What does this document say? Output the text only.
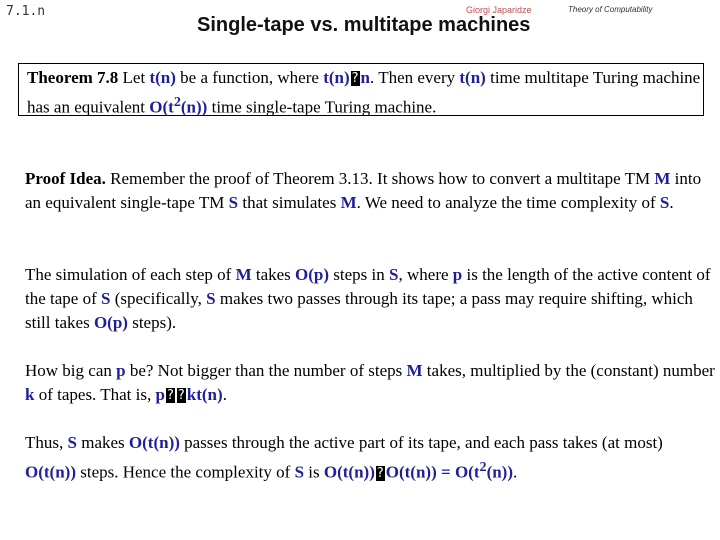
7.1.n	Giorgi Japaridze	Theory of Computability
Single-tape vs. multitape machines
Theorem 7.8 Let t(n) be a function, where t(n) ? n. Then every t(n) time multitape Turing machine has an equivalent $O(t^2(n))$ time single-tape Turing machine.
Proof Idea. Remember the proof of Theorem 3.13. It shows how to convert a multitape TM M into an equivalent single-tape TM S that simulates M. We need to analyze the time complexity of S.
The simulation of each step of M takes O(p) steps in S, where p is the length of the active content of the tape of S (specifically, S makes two passes through its tape; a pass may require shifting, which still takes O(p) steps).
How big can p be? Not bigger than the number of steps M takes, multiplied by the (constant) number k of tapes. That is, p ? ? kt(n).
Thus, S makes O(t(n)) passes through the active part of its tape, and each pass takes (at most) O(t(n)) steps. Hence the complexity of S is O(t(n)) ? $O(t(n)) = O(t^2(n))$.
